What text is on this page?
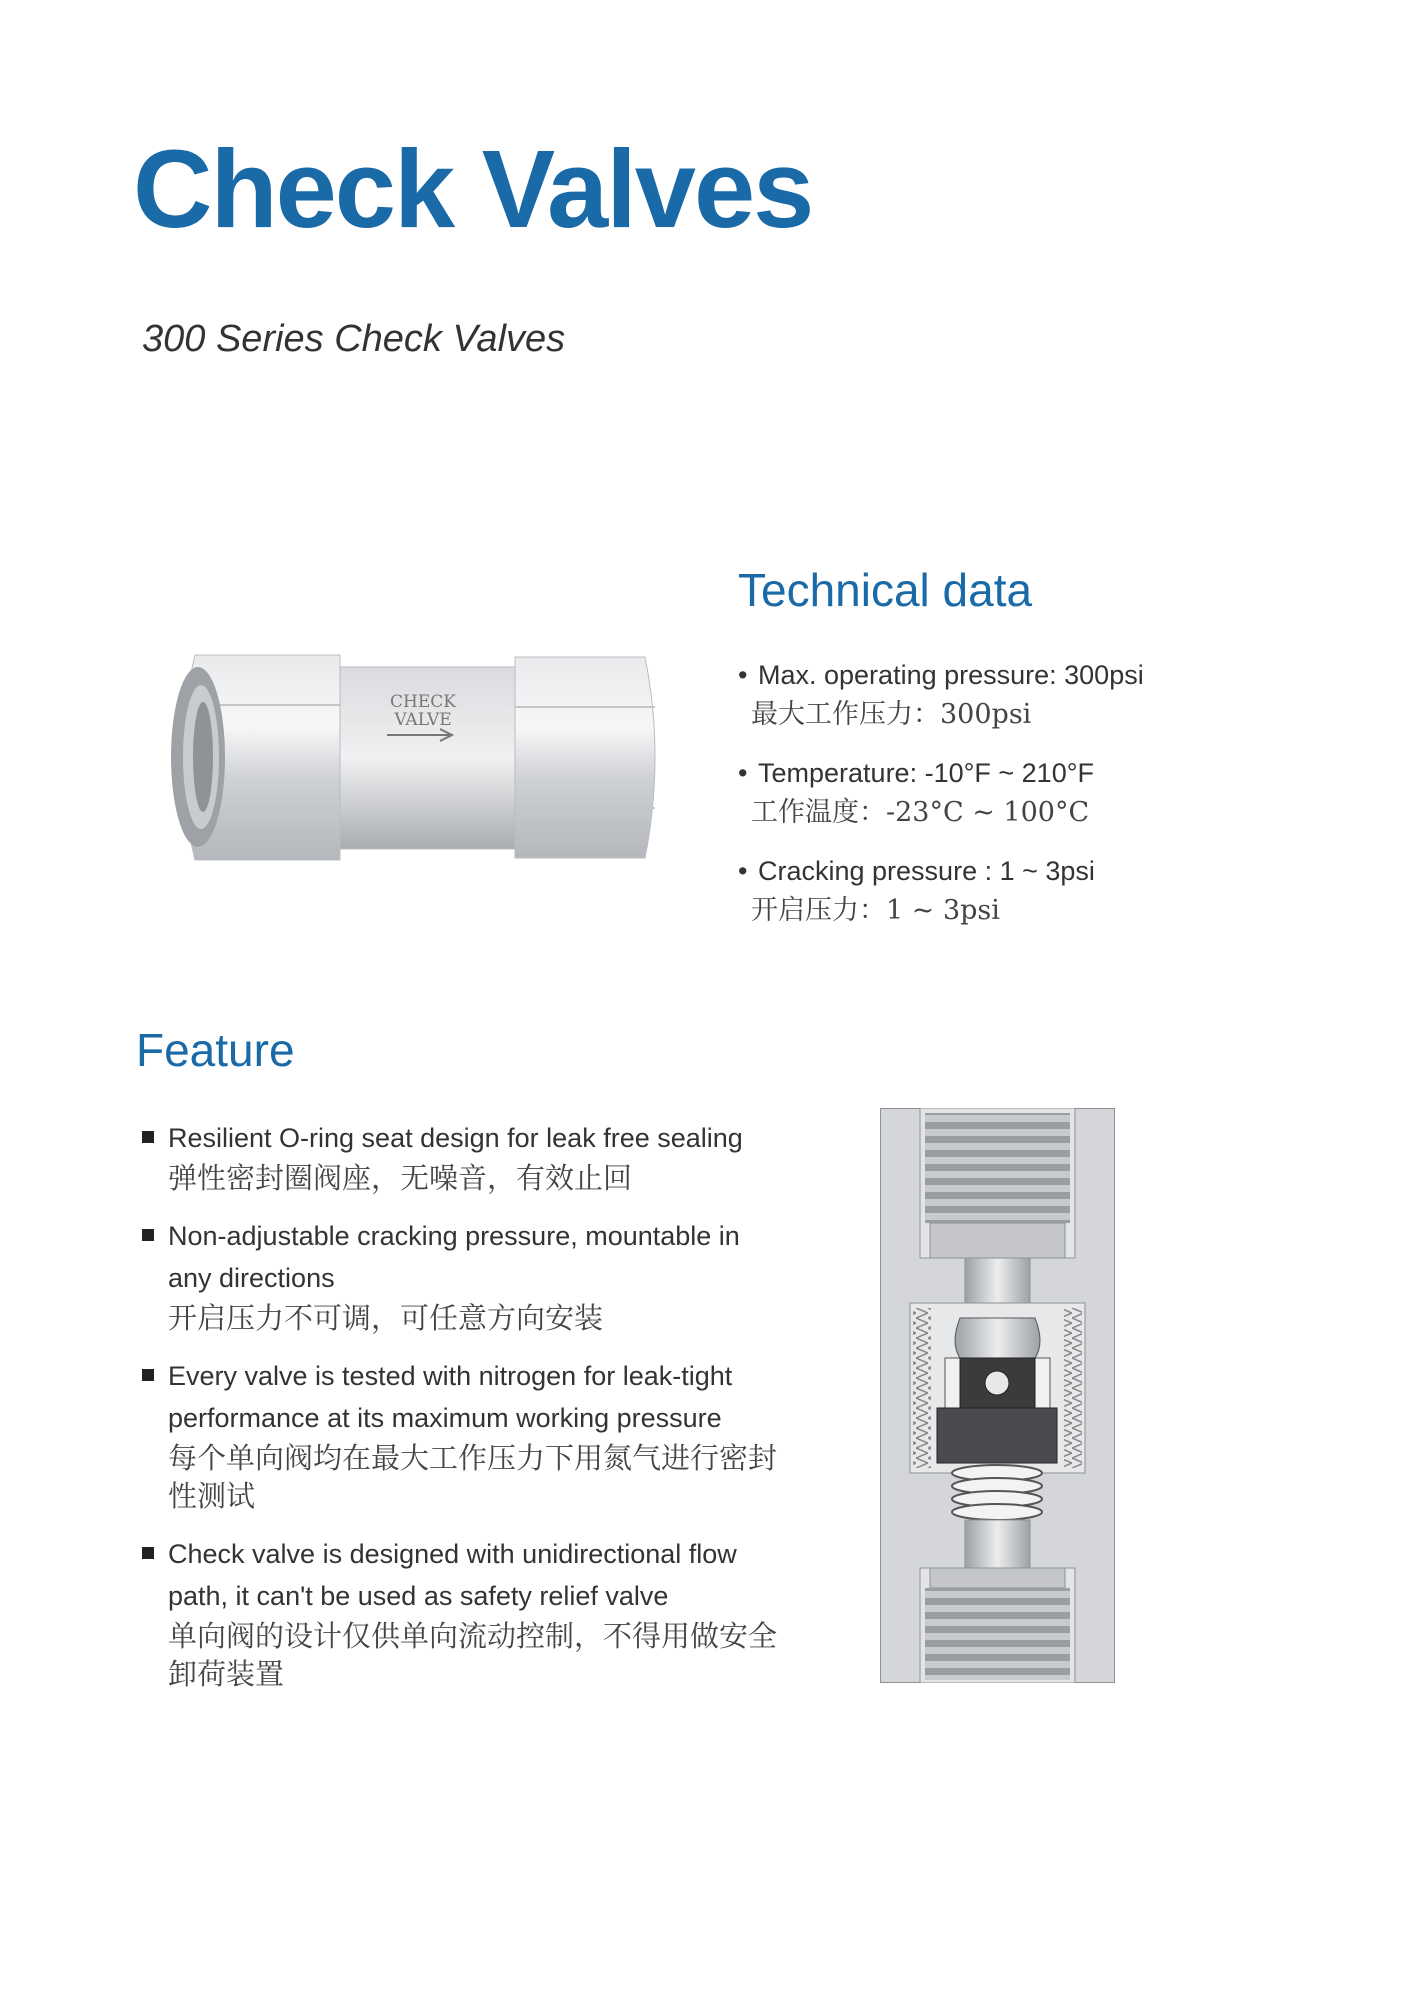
Check Valves

300 Series Check Valves

CHECK
VALVE
Technical data
• Max. operating pressure: 300psi
最大工作压力：300psi
• Temperature: -10°F ~ 210°F
工作温度：-23°C ~ 100°C
• Cracking pressure : 1 ~ 3psi
开启压力：1 ~ 3psi
Feature
Resilient O-ring seat design for leak free sealing
弹性密封圈阀座，无噪音，有效止回
Non-adjustable cracking pressure, mountable in any directions
开启压力不可调，可任意方向安装
Every valve is tested with nitrogen for leak-tight performance at its maximum working pressure
每个单向阀均在最大工作压力下用氮气进行密封性测试
Check valve is designed with unidirectional flow path, it can't be used as safety relief valve
单向阀的设计仅供单向流动控制，不得用做安全卸荷装置
